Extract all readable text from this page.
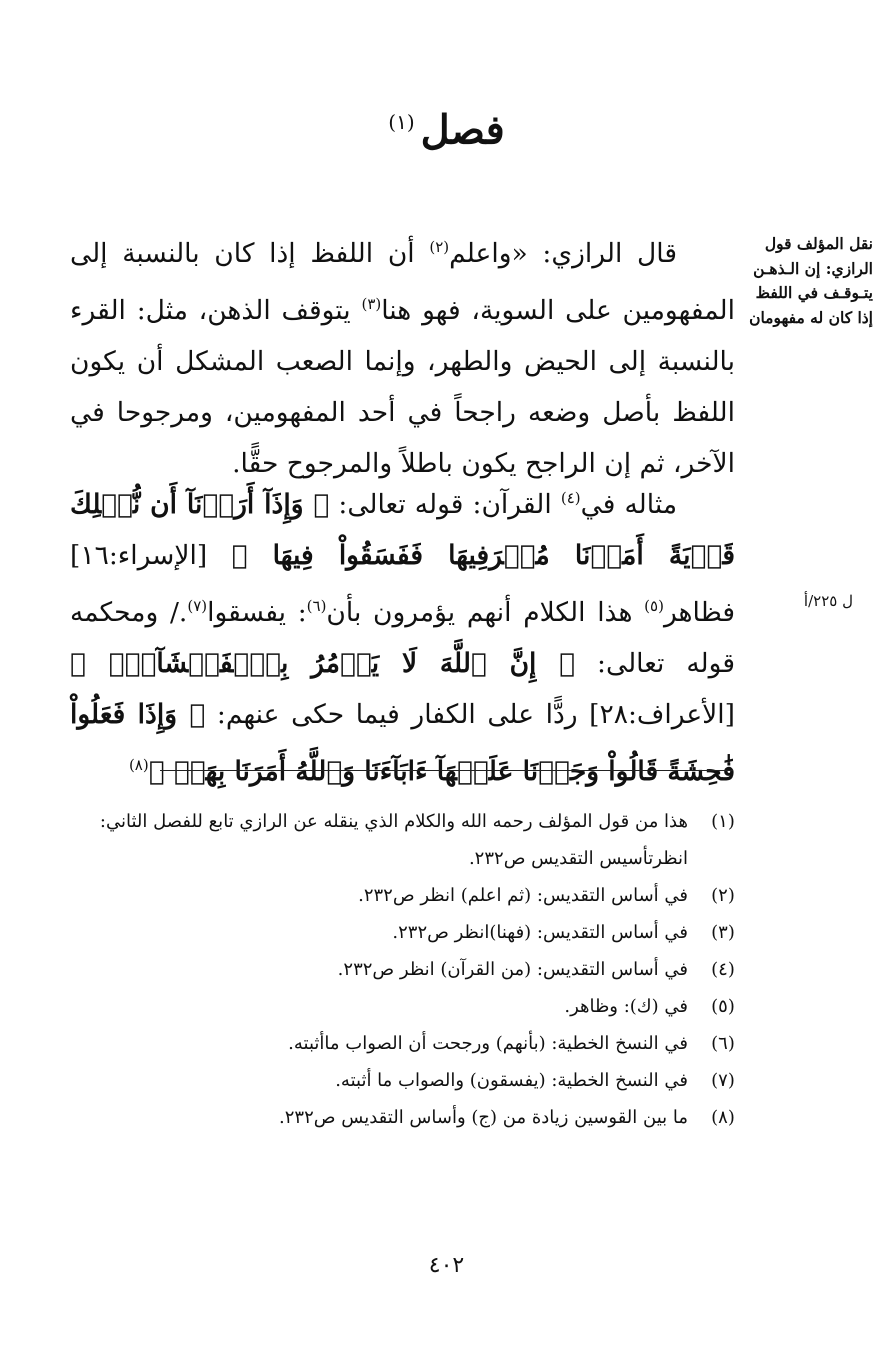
فصل$^{(١)}$
نقل المؤلف قول الرازي: إن الـذهـن يتـوقـف في اللفظ إذا كان له مفهومان
ل ٢٢٥/أ

قال الرازي: «واعلم$^{(٢)}$ أن اللفظ إذا كان بالنسبة إلى المفهومين على السوية، فهو هنا$^{(٣)}$ يتوقف الذهن، مثل: القرء بالنسبة إلى الحيض والطهر، وإنما الصعب المشكل أن يكون اللفظ بأصل وضعه راجحاً في أحد المفهومين، ومرجوحا في الآخر، ثم إن الراجح يكون باطلاً والمرجوح حقًّا.

مثاله في$^{(٤)}$ القرآن: قوله تعالى: ﴿ وَإِذَآ أَرَدۡنَآ أَن نُّهۡلِكَ قَرۡيَةً أَمَرۡنَا مُتۡرَفِيهَا فَفَسَقُواْ فِيهَا ﴾ [الإسراء:١٦] فظاهر$^{(٥)}$ هذا الكلام أنهم يؤمرون بأن$^{(٦)}$: يفسقوا$^{(٧)}$./ ومحكمه قوله تعالى: ﴿ إِنَّ ٱللَّهَ لَا يَأۡمُرُ بِٱلۡفَحۡشَآءِۖ ﴾ [الأعراف:٢٨] ردًّا على الكفار فيما حكى عنهم: ﴿ وَإِذَا فَعَلُواْ فَٰحِشَةً قَالُواْ وَجَدۡنَا عَلَيۡهَآ ءَابَآءَنَا وَٱللَّهُ أَمَرَنَا بِهَاۗ ﴾$^{(٨)}$

(١)
هذا من قول المؤلف رحمه الله والكلام الذي ينقله عن الرازي تابع للفصل الثاني: انظرتأسيس التقديس ص٢٣٢.
(٢)
في أساس التقديس: (ثم اعلم) انظر ص٢٣٢.
(٣)
في أساس التقديس: (فهنا)انظر ص٢٣٢.
(٤)
في أساس التقديس: (من القرآن) انظر ص٢٣٢.
(٥)
في (ك): وظاهر.
(٦)
في النسخ الخطية: (بأنهم) ورجحت أن الصواب ماأثبته.
(٧)
في النسخ الخطية: (يفسقون) والصواب ما أثبته.
(٨)
ما بين القوسين زيادة من (ج) وأساس التقديس ص٢٣٢.
٤٠٢
